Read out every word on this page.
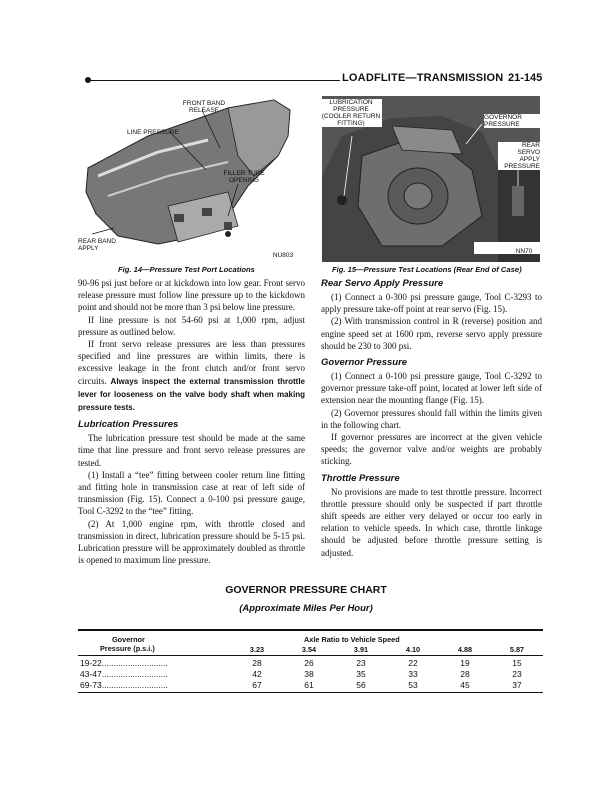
LOADFLITE—TRANSMISSION 21-145
FRONT BAND RELEASE
LINE PRESSURE
FILLER TUBE OPENING
REAR BAND APPLY
NU803
Fig. 14—Pressure Test Port Locations
LUBRICATION PRESSURE (COOLER RETURN FITTING)
GOVERNOR PRESSURE
REAR SERVO APPLY PRESSURE
NN70
Fig. 15—Pressure Test Locations (Rear End of Case)

90-96 psi just before or at kickdown into low gear. Front servo release pressure must follow line pressure up to the kickdown point and should not be more than 3 psi below line pressure.

If line pressure is not 54-60 psi at 1,000 rpm, adjust pressure as outlined below.

If front servo release pressures are less than pressures specified and line pressures are within limits, there is excessive leakage in the front clutch and/or front servo circuits. Always inspect the external transmission throttle lever for looseness on the valve body shaft when making pressure tests.

Lubrication Pressures

The lubrication pressure test should be made at the same time that line pressure and front servo release pressures are tested.

(1) Install a “tee” fitting between cooler return line fitting and fitting hole in transmission case at rear of left side of transmission (Fig. 15). Connect a 0-100 psi pressure gauge, Tool C-3292 to the “tee” fitting.

(2) At 1,000 engine rpm, with throttle closed and transmission in direct, lubrication pressure should be 5-15 psi. Lubrication pressure will be approximately doubled as throttle is opened to maximum line pressure.

Rear Servo Apply Pressure

(1) Connect a 0-300 psi pressure gauge, Tool C-3293 to apply pressure take-off point at rear servo (Fig. 15).

(2) With transmission control in R (reverse) position and engine speed set at 1600 rpm, reverse servo apply pressure should be 230 to 300 psi.

Governor Pressure

(1) Connect a 0-100 psi pressure gauge, Tool C-3292 to governor pressure take-off point, located at lower left side of extension near the mounting flange (Fig. 15).

(2) Governor pressures should fall within the limits given in the following chart.

If governor pressures are incorrect at the given vehicle speeds; the governor valve and/or weights are probably sticking.

Throttle Pressure

No provisions are made to test throttle pressure. Incorrect throttle pressure should only be suspected if part throttle shift speeds are either very delayed or occur too early in relation to vehicle speeds. In which case, throttle linkage should be adjusted before throttle pressure setting is adjusted.

GOVERNOR PRESSURE CHART
(Approximate Miles Per Hour)
Governor
Pressure (p.s.i.)
Axle Ratio to Vehicle Speed
3.23	3.54	3.91	4.10	4.88	5.87
19-22............................	28	26	23	22	19	15
43-47............................	42	38	35	33	28	23
69-73............................	67	61	56	53	45	37
